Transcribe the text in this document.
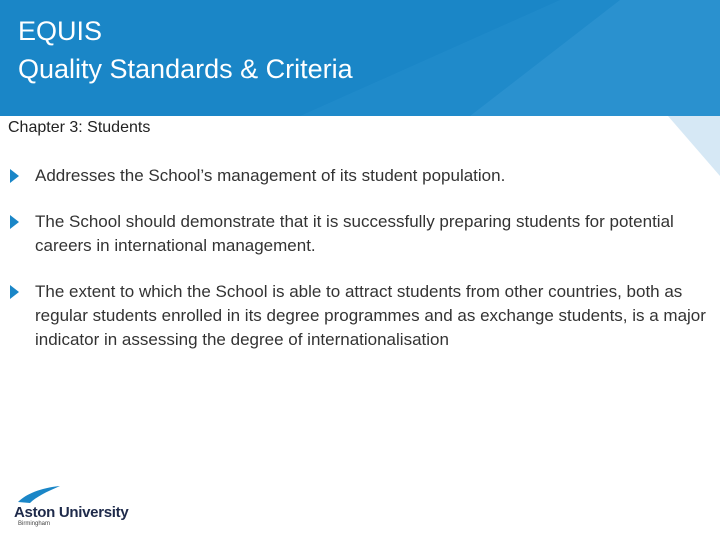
EQUIS
Quality Standards & Criteria
Chapter 3: Students
Addresses the School’s management of its student population.
The School should demonstrate that it is successfully preparing students for potential careers in international management.
The extent to which the School is able to attract students from other countries, both as regular students enrolled in its degree programmes and as exchange students, is a major indicator in assessing the degree of internationalisation
Aston University
Birmingham
